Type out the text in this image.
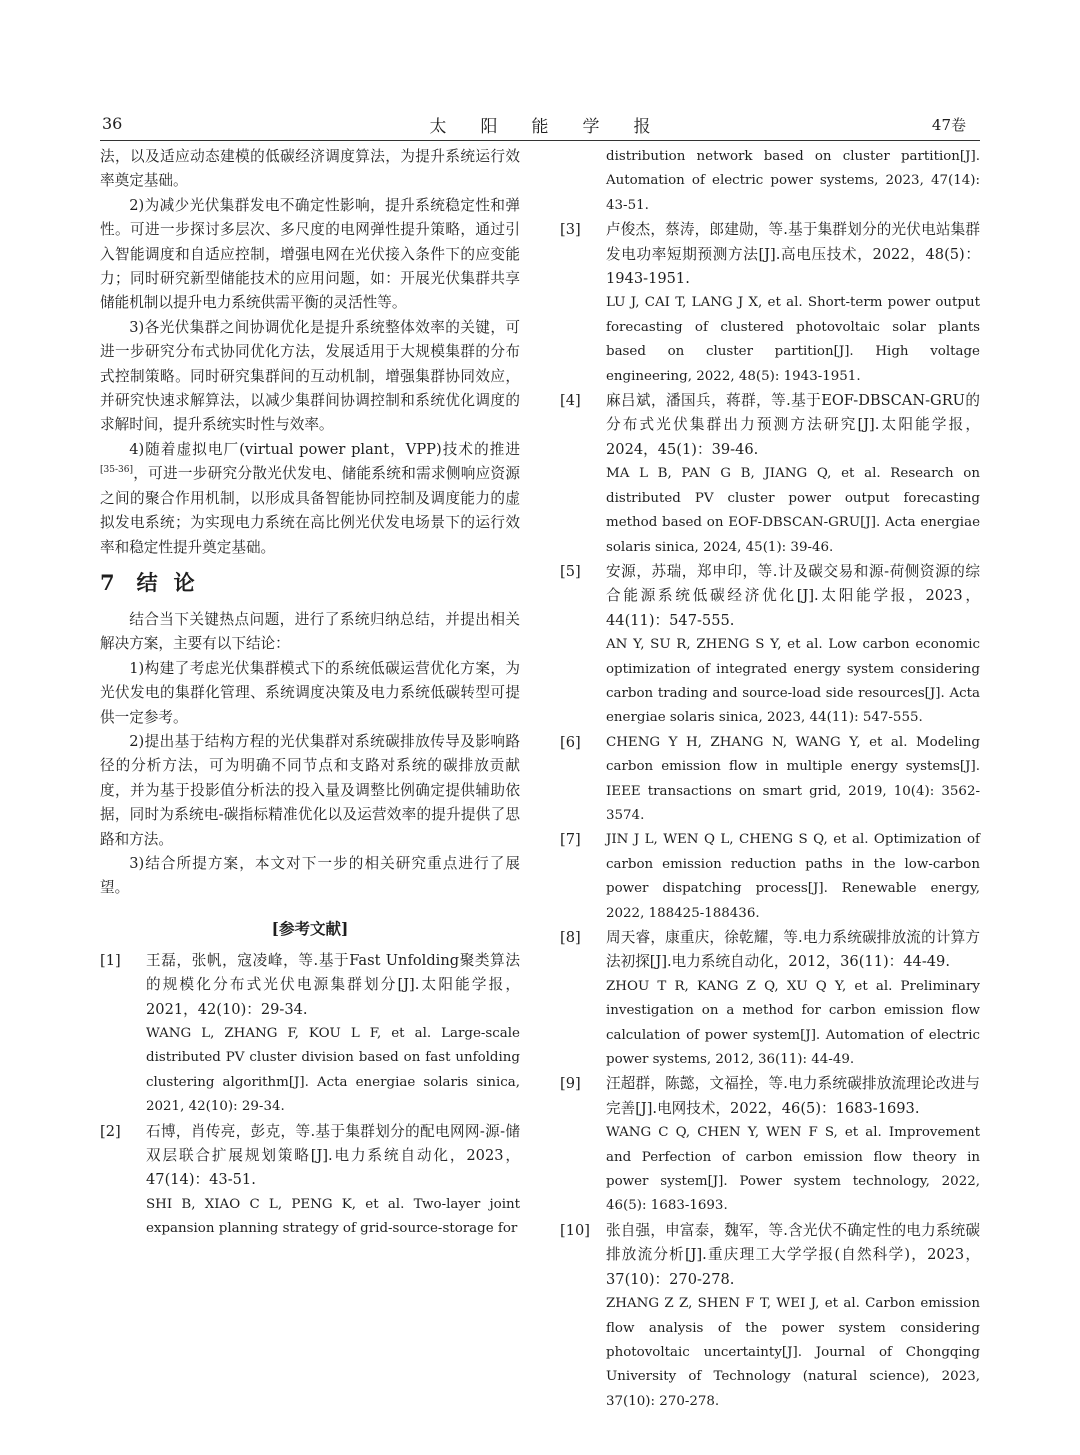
36	太阳能学报	47卷

法，以及适应动态建模的低碳经济调度算法，为提升系统运行效率奠定基础。

2)为减少光伏集群发电不确定性影响，提升系统稳定性和弹性。可进一步探讨多层次、多尺度的电网弹性提升策略，通过引入智能调度和自适应控制，增强电网在光伏接入条件下的应变能力；同时研究新型储能技术的应用问题，如：开展光伏集群共享储能机制以提升电力系统供需平衡的灵活性等。

3)各光伏集群之间协调优化是提升系统整体效率的关键，可进一步研究分布式协同优化方法，发展适用于大规模集群的分布式控制策略。同时研究集群间的互动机制，增强集群协同效应，并研究快速求解算法，以减少集群间协调控制和系统优化调度的求解时间，提升系统实时性与效率。

4)随着虚拟电厂(virtual power plant，VPP)技术的推进[35-36]，可进一步研究分散光伏发电、储能系统和需求侧响应资源之间的聚合作用机制，以形成具备智能协同控制及调度能力的虚拟发电系统；为实现电力系统在高比例光伏发电场景下的运行效率和稳定性提升奠定基础。

7 结论

结合当下关键热点问题，进行了系统归纳总结，并提出相关解决方案，主要有以下结论：

1)构建了考虑光伏集群模式下的系统低碳运营优化方案，为光伏发电的集群化管理、系统调度决策及电力系统低碳转型可提供一定参考。

2)提出基于结构方程的光伏集群对系统碳排放传导及影响路径的分析方法，可为明确不同节点和支路对系统的碳排放贡献度，并为基于投影值分析法的投入量及调整比例确定提供辅助依据，同时为系统电-碳指标精准优化以及运营效率的提升提供了思路和方法。

3)结合所提方案，本文对下一步的相关研究重点进行了展望。

[参考文献]
[1] 王磊，张帆，寇凌峰，等.基于Fast Unfolding聚类算法的规模化分布式光伏电源集群划分[J].太阳能学报，2021，42(10)：29-34.

WANG L, ZHANG F, KOU L F, et al. Large-scale distributed PV cluster division based on fast unfolding clustering algorithm[J]. Acta energiae solaris sinica, 2021, 42(10): 29-34.

[2] 石博，肖传亮，彭克，等.基于集群划分的配电网网-源-储双层联合扩展规划策略[J].电力系统自动化，2023，47(14)：43-51.

SHI B, XIAO C L, PENG K, et al. Two-layer joint expansion planning strategy of grid-source-storage for

distribution network based on cluster partition[J]. Automation of electric power systems, 2023, 47(14): 43-51.

[3] 卢俊杰，蔡涛，郎建勋，等.基于集群划分的光伏电站集群发电功率短期预测方法[J].高电压技术，2022，48(5)：1943-1951.

LU J, CAI T, LANG J X, et al. Short-term power output forecasting of clustered photovoltaic solar plants based on cluster partition[J]. High voltage engineering, 2022, 48(5): 1943-1951.

[4] 麻吕斌，潘国兵，蒋群，等.基于EOF-DBSCAN-GRU的分布式光伏集群出力预测方法研究[J].太阳能学报，2024，45(1)：39-46.

MA L B, PAN G B, JIANG Q, et al. Research on distributed PV cluster power output forecasting method based on EOF-DBSCAN-GRU[J]. Acta energiae solaris sinica, 2024, 45(1): 39-46.

[5] 安源，苏瑞，郑申印，等.计及碳交易和源-荷侧资源的综合能源系统低碳经济优化[J].太阳能学报，2023，44(11)：547-555.

AN Y, SU R, ZHENG S Y, et al. Low carbon economic optimization of integrated energy system considering carbon trading and source-load side resources[J]. Acta energiae solaris sinica, 2023, 44(11): 547-555.

[6] CHENG Y H, ZHANG N, WANG Y, et al. Modeling carbon emission flow in multiple energy systems[J]. IEEE transactions on smart grid, 2019, 10(4): 3562-3574.

[7] JIN J L, WEN Q L, CHENG S Q, et al. Optimization of carbon emission reduction paths in the low-carbon power dispatching process[J]. Renewable energy, 2022, 188425-188436.

[8] 周天睿，康重庆，徐乾耀，等.电力系统碳排放流的计算方法初探[J].电力系统自动化，2012，36(11)：44-49.

ZHOU T R, KANG Z Q, XU Q Y, et al. Preliminary investigation on a method for carbon emission flow calculation of power system[J]. Automation of electric power systems, 2012, 36(11): 44-49.

[9] 汪超群，陈懿，文福拴，等.电力系统碳排放流理论改进与完善[J].电网技术，2022，46(5)：1683-1693.

WANG C Q, CHEN Y, WEN F S, et al. Improvement and Perfection of carbon emission flow theory in power system[J]. Power system technology, 2022, 46(5): 1683-1693.

[10] 张自强，申富泰，魏军，等.含光伏不确定性的电力系统碳排放流分析[J].重庆理工大学学报(自然科学)，2023，37(10)：270-278.

ZHANG Z Z, SHEN F T, WEI J, et al. Carbon emission flow analysis of the power system considering photovoltaic uncertainty[J]. Journal of Chongqing University of Technology (natural science), 2023, 37(10): 270-278.
